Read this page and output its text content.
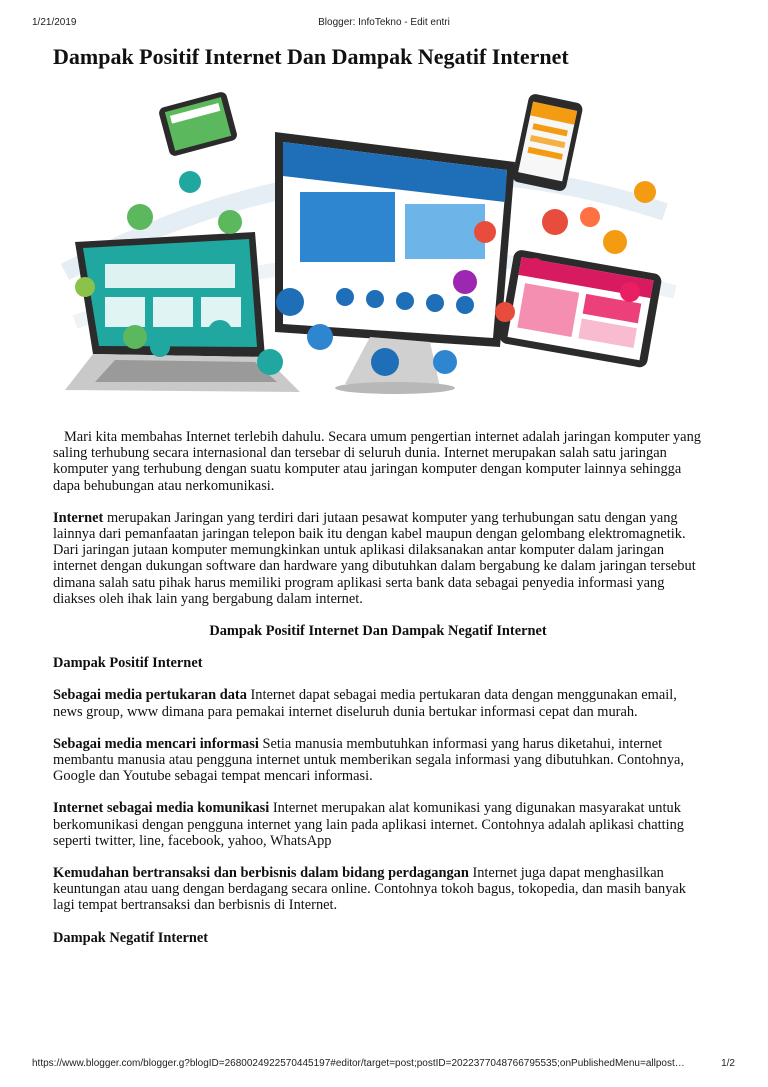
1/21/2019	Blogger: InfoTekno - Edit entri
Dampak Positif Internet Dan Dampak Negatif Internet

Mari kita membahas Internet terlebih dahulu. Secara umum pengertian internet adalah jaringan komputer yang saling terhubung secara internasional dan tersebar di seluruh dunia. Internet merupakan salah satu jaringan komputer yang terhubung dengan suatu komputer atau jaringan komputer dengan komputer lainnya sehingga dapa behubungan atau nerkomunikasi.

Internet merupakan Jaringan yang terdiri dari jutaan pesawat komputer yang terhubungan satu dengan yang lainnya dari pemanfaatan jaringan telepon baik itu dengan kabel maupun dengan gelombang elektromagnetik. Dari jaringan jutaan komputer memungkinkan untuk aplikasi dilaksanakan antar komputer dalam jaringan internet dengan dukungan software dan hardware yang dibutuhkan dalam bergabung ke dalam jaringan tersebut dimana salah satu pihak harus memiliki program aplikasi serta bank data sebagai penyedia informasi yang diakses oleh ihak lain yang bergabung dalam internet.

Dampak Positif Internet Dan Dampak Negatif Internet

Dampak Positif Internet

Sebagai media pertukaran data Internet dapat sebagai media pertukaran data dengan menggunakan email, news group, www dimana para pemakai internet diseluruh dunia bertukar informasi cepat dan murah.

Sebagai media mencari informasi Setia manusia membutuhkan informasi yang harus diketahui, internet membantu manusia atau pengguna internet untuk memberikan segala informasi yang dibutuhkan. Contohnya, Google dan Youtube sebagai tempat mencari informasi.

Internet sebagai media komunikasi Internet merupakan alat komunikasi yang digunakan masyarakat untuk berkomunikasi dengan pengguna internet yang lain pada aplikasi internet. Contohnya adalah aplikasi chatting seperti twitter, line, facebook, yahoo, WhatsApp

Kemudahan bertransaksi dan berbisnis dalam bidang perdagangan Internet juga dapat menghasilkan keuntungan atau uang dengan berdagang secara online. Contohnya tokoh bagus, tokopedia, dan masih banyak lagi tempat bertransaksi dan berbisnis di Internet.

Dampak Negatif Internet

https://www.blogger.com/blogger.g?blogID=2680024922570445197#editor/target=post;postID=2022377048766795535;onPublishedMenu=allpost…	1/2
